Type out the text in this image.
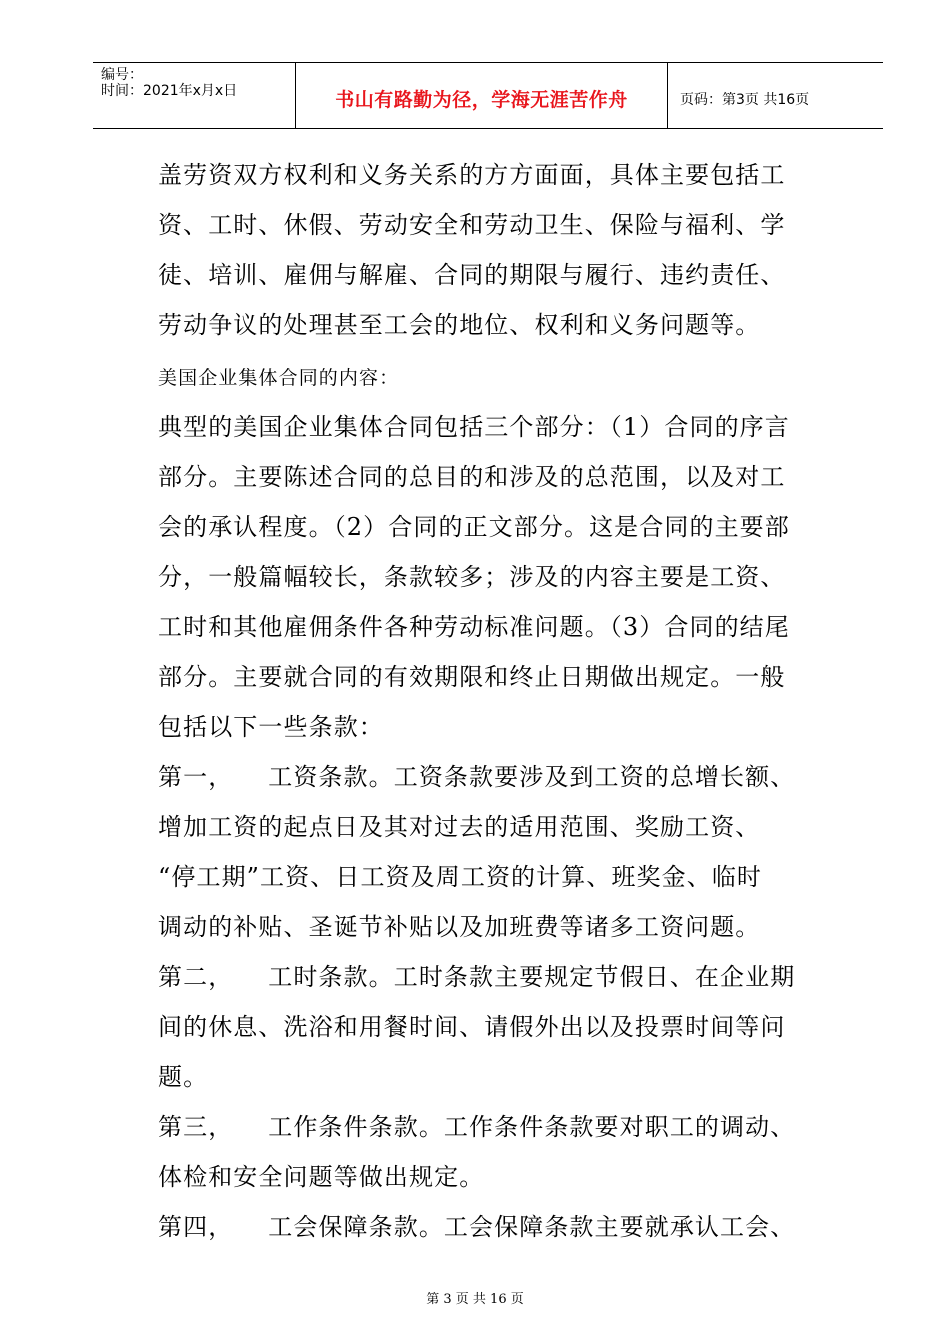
编号：
时间：2021年x月x日	书山有路勤为径，学海无涯苦作舟	页码：第3页 共16页
盖劳资双方权利和义务关系的方方面面，具体主要包括工
资、工时、休假、劳动安全和劳动卫生、保险与福利、学
徒、培训、雇佣与解雇、合同的期限与履行、违约责任、
劳动争议的处理甚至工会的地位、权利和义务问题等。
美国企业集体合同的内容：
典型的美国企业集体合同包括三个部分：（1）合同的序言
部分。主要陈述合同的总目的和涉及的总范围，以及对工
会的承认程度。（2）合同的正文部分。这是合同的主要部
分，一般篇幅较长，条款较多；涉及的内容主要是工资、
工时和其他雇佣条件各种劳动标准问题。（3）合同的结尾
部分。主要就合同的有效期限和终止日期做出规定。一般
包括以下一些条款：
第一，    工资条款。工资条款要涉及到工资的总增长额、
增加工资的起点日及其对过去的适用范围、奖励工资、
“停工期”工资、日工资及周工资的计算、班奖金、临时
调动的补贴、圣诞节补贴以及加班费等诸多工资问题。
第二，    工时条款。工时条款主要规定节假日、在企业期
间的休息、洗浴和用餐时间、请假外出以及投票时间等问
题。
第三，    工作条件条款。工作条件条款要对职工的调动、
体检和安全问题等做出规定。
第四，    工会保障条款。工会保障条款主要就承认工会、
第 3 页 共 16 页
